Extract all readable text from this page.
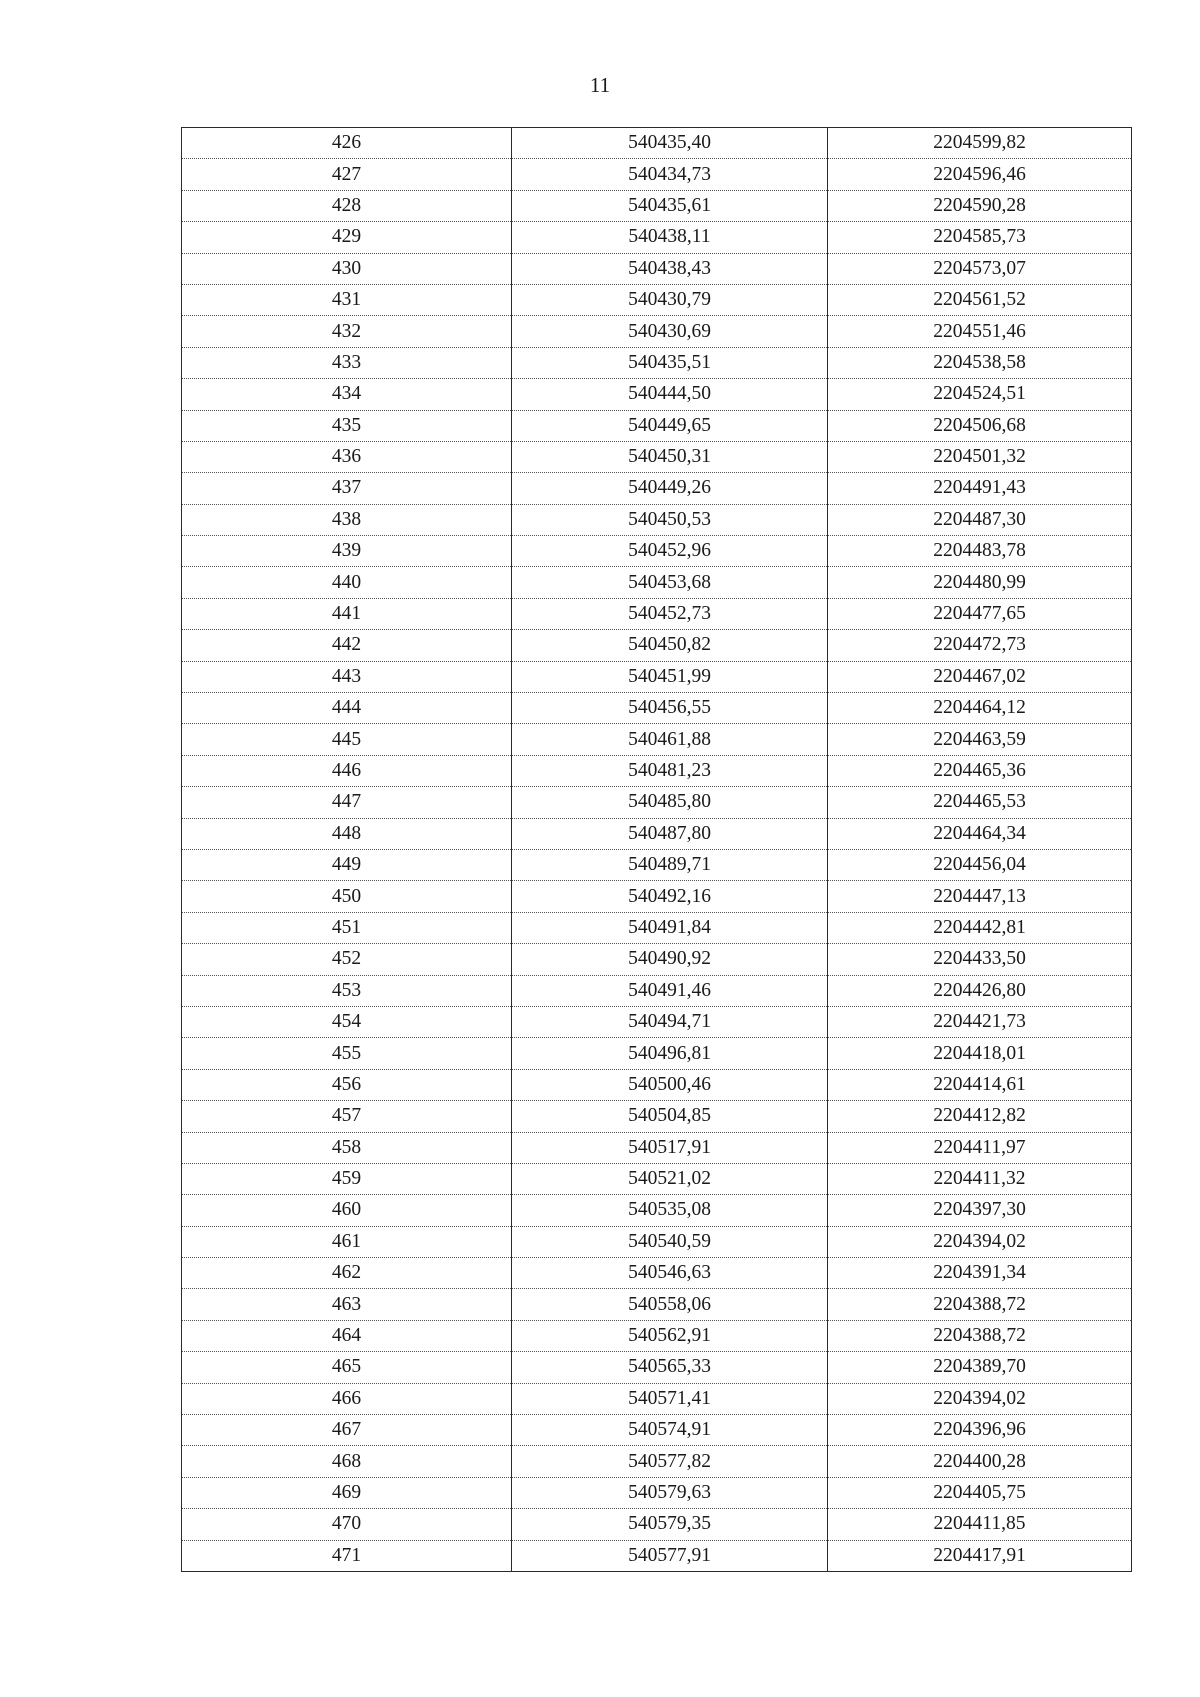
11
426	540435,40	2204599,82
427	540434,73	2204596,46
428	540435,61	2204590,28
429	540438,11	2204585,73
430	540438,43	2204573,07
431	540430,79	2204561,52
432	540430,69	2204551,46
433	540435,51	2204538,58
434	540444,50	2204524,51
435	540449,65	2204506,68
436	540450,31	2204501,32
437	540449,26	2204491,43
438	540450,53	2204487,30
439	540452,96	2204483,78
440	540453,68	2204480,99
441	540452,73	2204477,65
442	540450,82	2204472,73
443	540451,99	2204467,02
444	540456,55	2204464,12
445	540461,88	2204463,59
446	540481,23	2204465,36
447	540485,80	2204465,53
448	540487,80	2204464,34
449	540489,71	2204456,04
450	540492,16	2204447,13
451	540491,84	2204442,81
452	540490,92	2204433,50
453	540491,46	2204426,80
454	540494,71	2204421,73
455	540496,81	2204418,01
456	540500,46	2204414,61
457	540504,85	2204412,82
458	540517,91	2204411,97
459	540521,02	2204411,32
460	540535,08	2204397,30
461	540540,59	2204394,02
462	540546,63	2204391,34
463	540558,06	2204388,72
464	540562,91	2204388,72
465	540565,33	2204389,70
466	540571,41	2204394,02
467	540574,91	2204396,96
468	540577,82	2204400,28
469	540579,63	2204405,75
470	540579,35	2204411,85
471	540577,91	2204417,91
